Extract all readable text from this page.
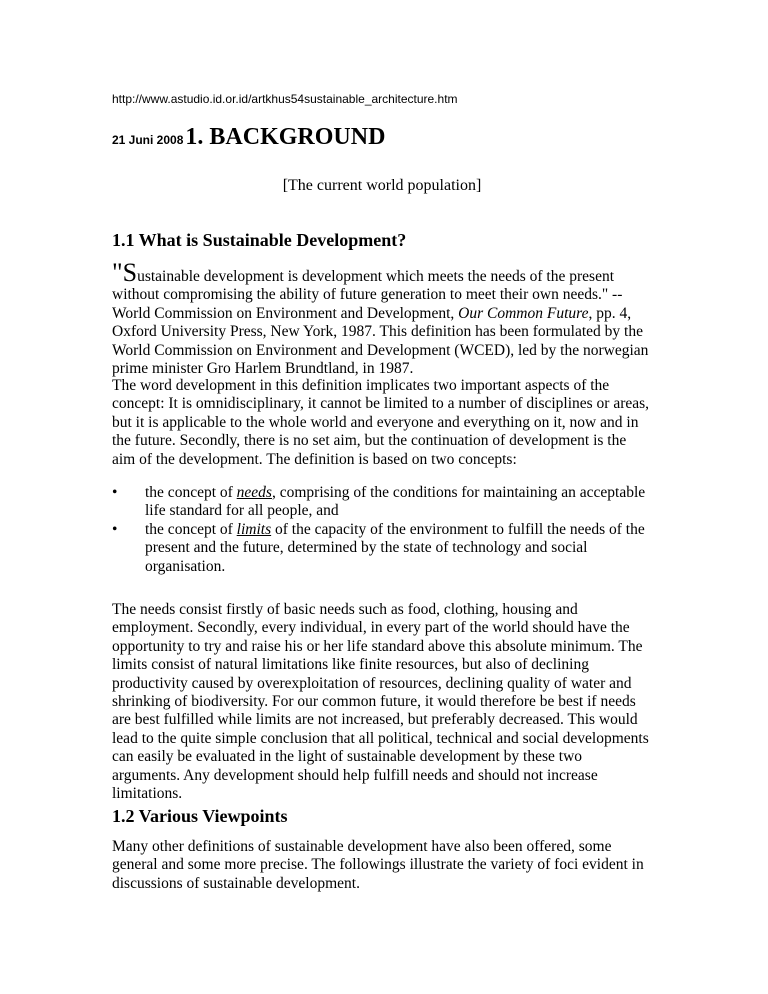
http://www.astudio.id.or.id/artkhus54sustainable_architecture.htm
21 Juni 20081. BACKGROUND
[The current world population]
1.1 What is Sustainable Development?
"Sustainable development is development which meets the needs of the present without compromising the ability of future generation to meet their own needs." -- World Commission on Environment and Development, Our Common Future, pp. 4, Oxford University Press, New York, 1987. This definition has been formulated by the World Commission on Environment and Development (WCED), led by the norwegian prime minister Gro Harlem Brundtland, in 1987.
The word development in this definition implicates two important aspects of the concept: It is omnidisciplinary, it cannot be limited to a number of disciplines or areas, but it is applicable to the whole world and everyone and everything on it, now and in the future. Secondly, there is no set aim, but the continuation of development is the aim of the development. The definition is based on two concepts:
•	the concept of needs, comprising of the conditions for maintaining an acceptable life standard for all people, and
•	the concept of limits of the capacity of the environment to fulfill the needs of the present and the future, determined by the state of technology and social organisation.
The needs consist firstly of basic needs such as food, clothing, housing and employment. Secondly, every individual, in every part of the world should have the opportunity to try and raise his or her life standard above this absolute minimum. The limits consist of natural limitations like finite resources, but also of declining productivity caused by overexploitation of resources, declining quality of water and shrinking of biodiversity. For our common future, it would therefore be best if needs are best fulfilled while limits are not increased, but preferably decreased. This would lead to the quite simple conclusion that all political, technical and social developments can easily be evaluated in the light of sustainable development by these two arguments. Any development should help fulfill needs and should not increase limitations.
1.2 Various Viewpoints
Many other definitions of sustainable development have also been offered, some general and some more precise. The followings illustrate the variety of foci evident in discussions of sustainable development.
